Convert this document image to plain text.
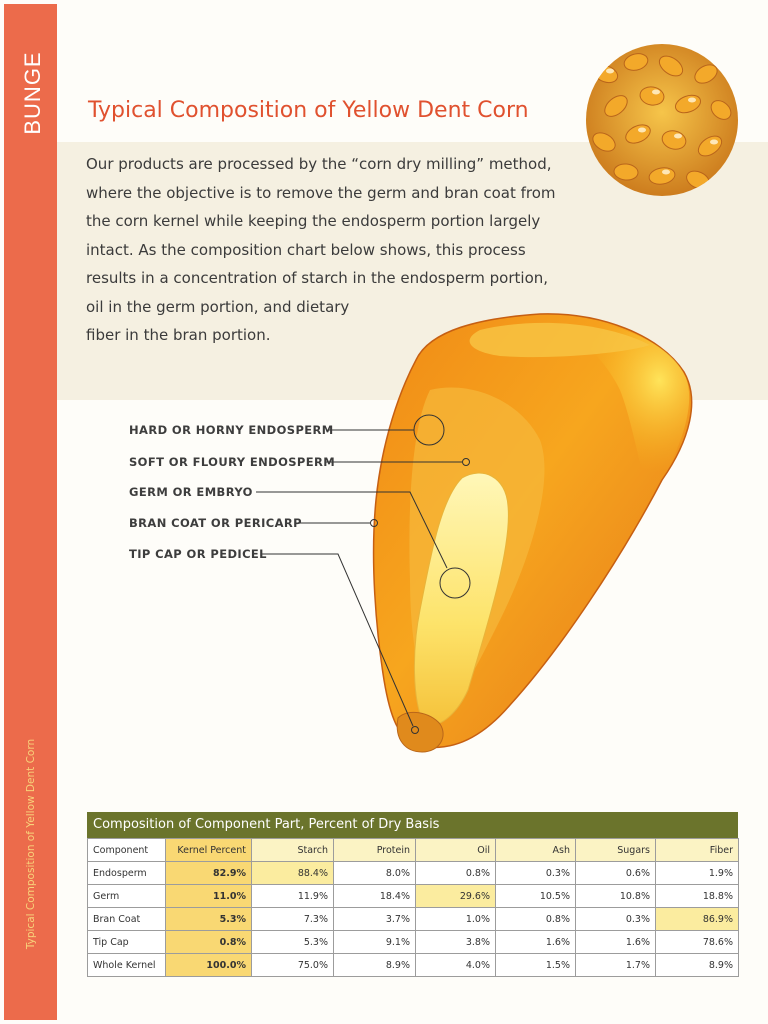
BUNGE
Typical Composition of Yellow Dent Corn
Typical Composition of Yellow Dent Corn

Our products are processed by the “corn dry milling” method,
where the objective is to remove the germ and bran coat from
the corn kernel while keeping the endosperm portion largely
intact. As the composition chart below shows, this process
results in a concentration of starch in the endosperm portion,
oil in the germ portion, and dietary
fiber in the bran portion.

HARD OR HORNY ENDOSPERM
SOFT OR FLOURY ENDOSPERM
GERM OR EMBRYO
BRAN COAT OR PERICARP
TIP CAP OR PEDICEL
Composition of Component Part, Percent of Dry Basis
Component	Kernel Percent	Starch	Protein	Oil	Ash	Sugars	Fiber
Endosperm	82.9%	88.4%	8.0%	0.8%	0.3%	0.6%	1.9%
Germ	11.0%	11.9%	18.4%	29.6%	10.5%	10.8%	18.8%
Bran Coat	5.3%	7.3%	3.7%	1.0%	0.8%	0.3%	86.9%
Tip Cap	0.8%	5.3%	9.1%	3.8%	1.6%	1.6%	78.6%
Whole Kernel	100.0%	75.0%	8.9%	4.0%	1.5%	1.7%	8.9%
